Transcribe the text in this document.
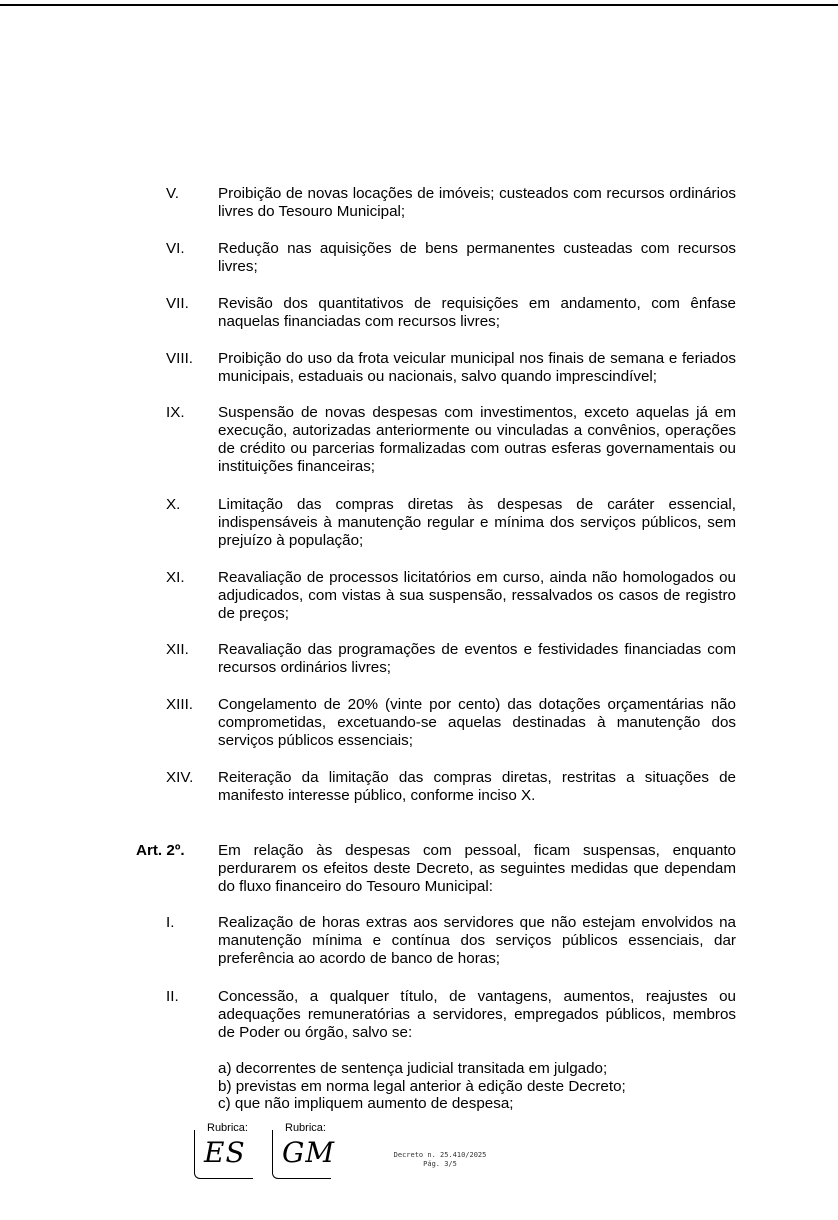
V.	Proibição de novas locações de imóveis; custeados com recursos ordinários livres do Tesouro Municipal;
VI. Redução nas aquisições de bens permanentes custeadas com recursos livres;
VII. Revisão dos quantitativos de requisições em andamento, com ênfase naquelas financiadas com recursos livres;
VIII. Proibição do uso da frota veicular municipal nos finais de semana e feriados municipais, estaduais ou nacionais, salvo quando imprescindível;
IX. Suspensão de novas despesas com investimentos, exceto aquelas já em execução, autorizadas anteriormente ou vinculadas a convênios, operações de crédito ou parcerias formalizadas com outras esferas governamentais ou instituições financeiras;
X. Limitação das compras diretas às despesas de caráter essencial, indispensáveis à manutenção regular e mínima dos serviços públicos, sem prejuízo à população;
XI. Reavaliação de processos licitatórios em curso, ainda não homologados ou adjudicados, com vistas à sua suspensão, ressalvados os casos de registro de preços;
XII. Reavaliação das programações de eventos e festividades financiadas com recursos ordinários livres;
XIII. Congelamento de 20% (vinte por cento) das dotações orçamentárias não comprometidas, excetuando-se aquelas destinadas à manutenção dos serviços públicos essenciais;
XIV. Reiteração da limitação das compras diretas, restritas a situações de manifesto interesse público, conforme inciso X.
Art. 2º. Em relação às despesas com pessoal, ficam suspensas, enquanto perdurarem os efeitos deste Decreto, as seguintes medidas que dependam do fluxo financeiro do Tesouro Municipal:
I.	Realização de horas extras aos servidores que não estejam envolvidos na manutenção mínima e contínua dos serviços públicos essenciais, dar preferência ao acordo de banco de horas;
II.	Concessão, a qualquer título, de vantagens, aumentos, reajustes ou adequações remuneratórias a servidores, empregados públicos, membros de Poder ou órgão, salvo se:
a) decorrentes de sentença judicial transitada em julgado;
b) previstas em norma legal anterior à edição deste Decreto;
c) que não impliquem aumento de despesa;
Rubrica:
ES
Rubrica:
GM	Decreto n. 25.410/2025
Pág. 3/5
